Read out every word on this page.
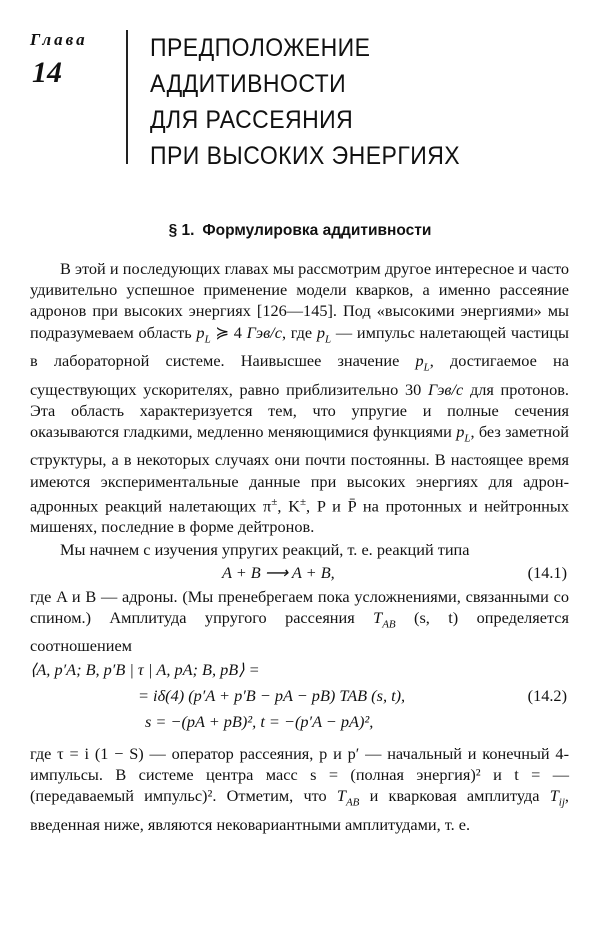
Глава
14
ПРЕДПОЛОЖЕНИЕ
АДДИТИВНОСТИ
ДЛЯ РАССЕЯНИЯ
ПРИ ВЫСОКИХ ЭНЕРГИЯХ
§ 1. Формулировка аддитивности

В этой и последующих главах мы рассмотрим другое интересное и часто удивительно успешное применение модели кварков, а именно рассеяние адронов при высоких энергиях [126—145]. Под «высокими энергиями» мы подразумеваем область $p_L$ ≽ 4 Гэв/с, где $p_L$ — импульс налетающей частицы в лабораторной системе. Наивысшее значение $p_L$, достигаемое на существующих ускорителях, равно приблизительно 30 Гэв/с для протонов. Эта область характеризуется тем, что упругие и полные сечения оказываются гладкими, медленно меняющимися функциями $p_L$, без заметной структуры, а в некоторых случаях они почти постоянны. В настоящее время имеются экспериментальные данные при высоких энергиях для адрон-адронных реакций налетающих π±, K±, P и P̄ на протонных и нейтронных мишенях, последние в форме дейтронов.

Мы начнем с изучения упругих реакций, т. е. реакций типа

A + B ⟶ A + B,	(14.1)

где A и B — адроны. (Мы пренебрегаем пока усложнениями, связанными со спином.) Амплитуда упругого рассеяния $T_{AB}$ (s, t) определяется соотношением

⟨A, p′A; B, p′B | τ | A, pA; B, pB⟩ =
= iδ(4) (p′A + p′B − pA − pB) TAB (s, t),	(14.2)
s = −(pA + pB)², t = −(p′A − pA)²,

где τ = i (1 − S) — оператор рассеяния, p и p′ — начальный и конечный 4-импульсы. В системе центра масс s = (полная энергия)² и t = — (передаваемый импульс)². Отметим, что $T_{AB}$ и кварковая амплитуда $T_{ij}$, введенная ниже, являются нековариантными амплитудами, т. е.
